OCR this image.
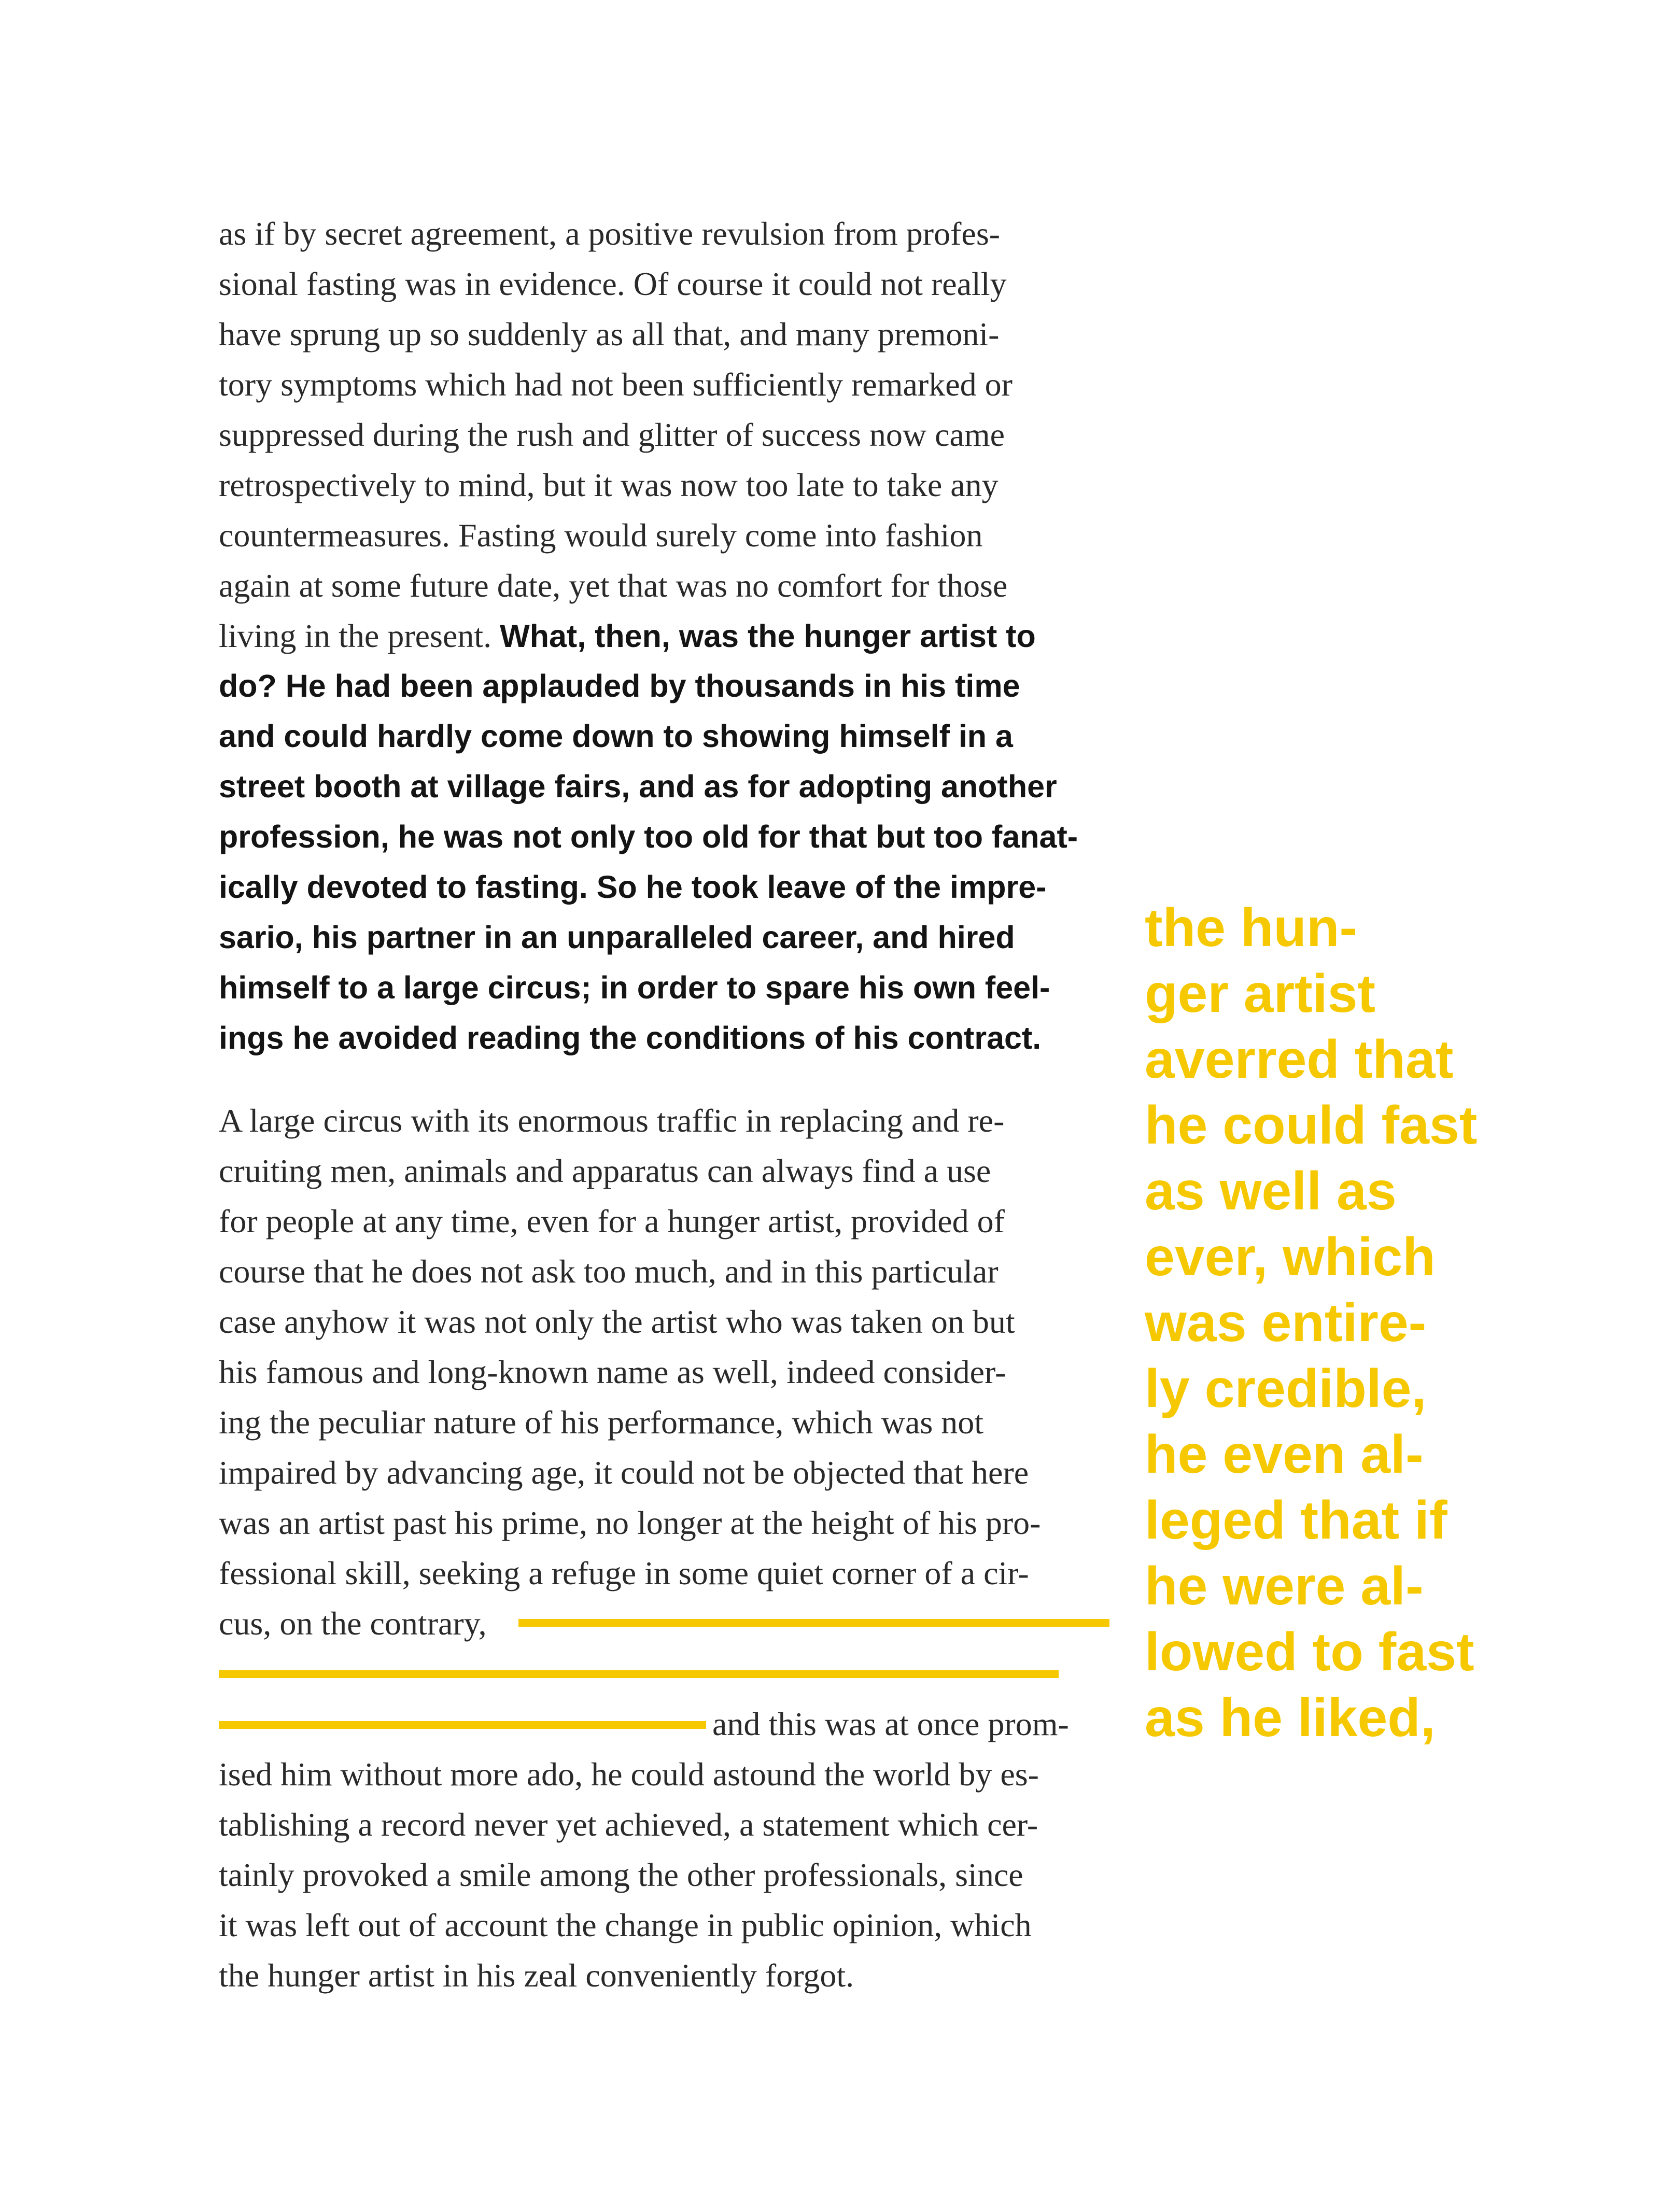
as if by secret agreement, a positive revulsion from profes-
sional fasting was in evidence. Of course it could not really
have sprung up so suddenly as all that, and many premoni-
tory symptoms which had not been sufficiently remarked or
suppressed during the rush and glitter of success now came
retrospectively to mind, but it was now too late to take any
countermeasures. Fasting would surely come into fashion
again at some future date, yet that was no comfort for those
living in the present. What, then, was the hunger artist to
do? He had been applauded by thousands in his time
and could hardly come down to showing himself in a
street booth at village fairs, and as for adopting another
profession, he was not only too old for that but too fanat-
ically devoted to fasting. So he took leave of the impre-
sario, his partner in an unparalleled career, and hired
himself to a large circus; in order to spare his own feel-
ings he avoided reading the conditions of his contract.
A large circus with its enormous traffic in replacing and re-
cruiting men, animals and apparatus can always find a use
for people at any time, even for a hunger artist, provided of
course that he does not ask too much, and in this particular
case anyhow it was not only the artist who was taken on but
his famous and long-known name as well, indeed consider-
ing the peculiar nature of his performance, which was not
impaired by advancing age, it could not be objected that here
was an artist past his prime, no longer at the height of his pro-
fessional skill, seeking a refuge in some quiet corner of a cir-
cus, on the contrary,
and this was at once prom-
ised him without more ado, he could astound the world by es-
tablishing a record never yet achieved, a statement which cer-
tainly provoked a smile among the other professionals, since
it was left out of account the change in public opinion, which
the hunger artist in his zeal conveniently forgot.
the hun-
ger artist
averred that
he could fast
as well as
ever, which
was entire-
ly credible,
he even al-
leged that if
he were al-
lowed to fast
as he liked,
